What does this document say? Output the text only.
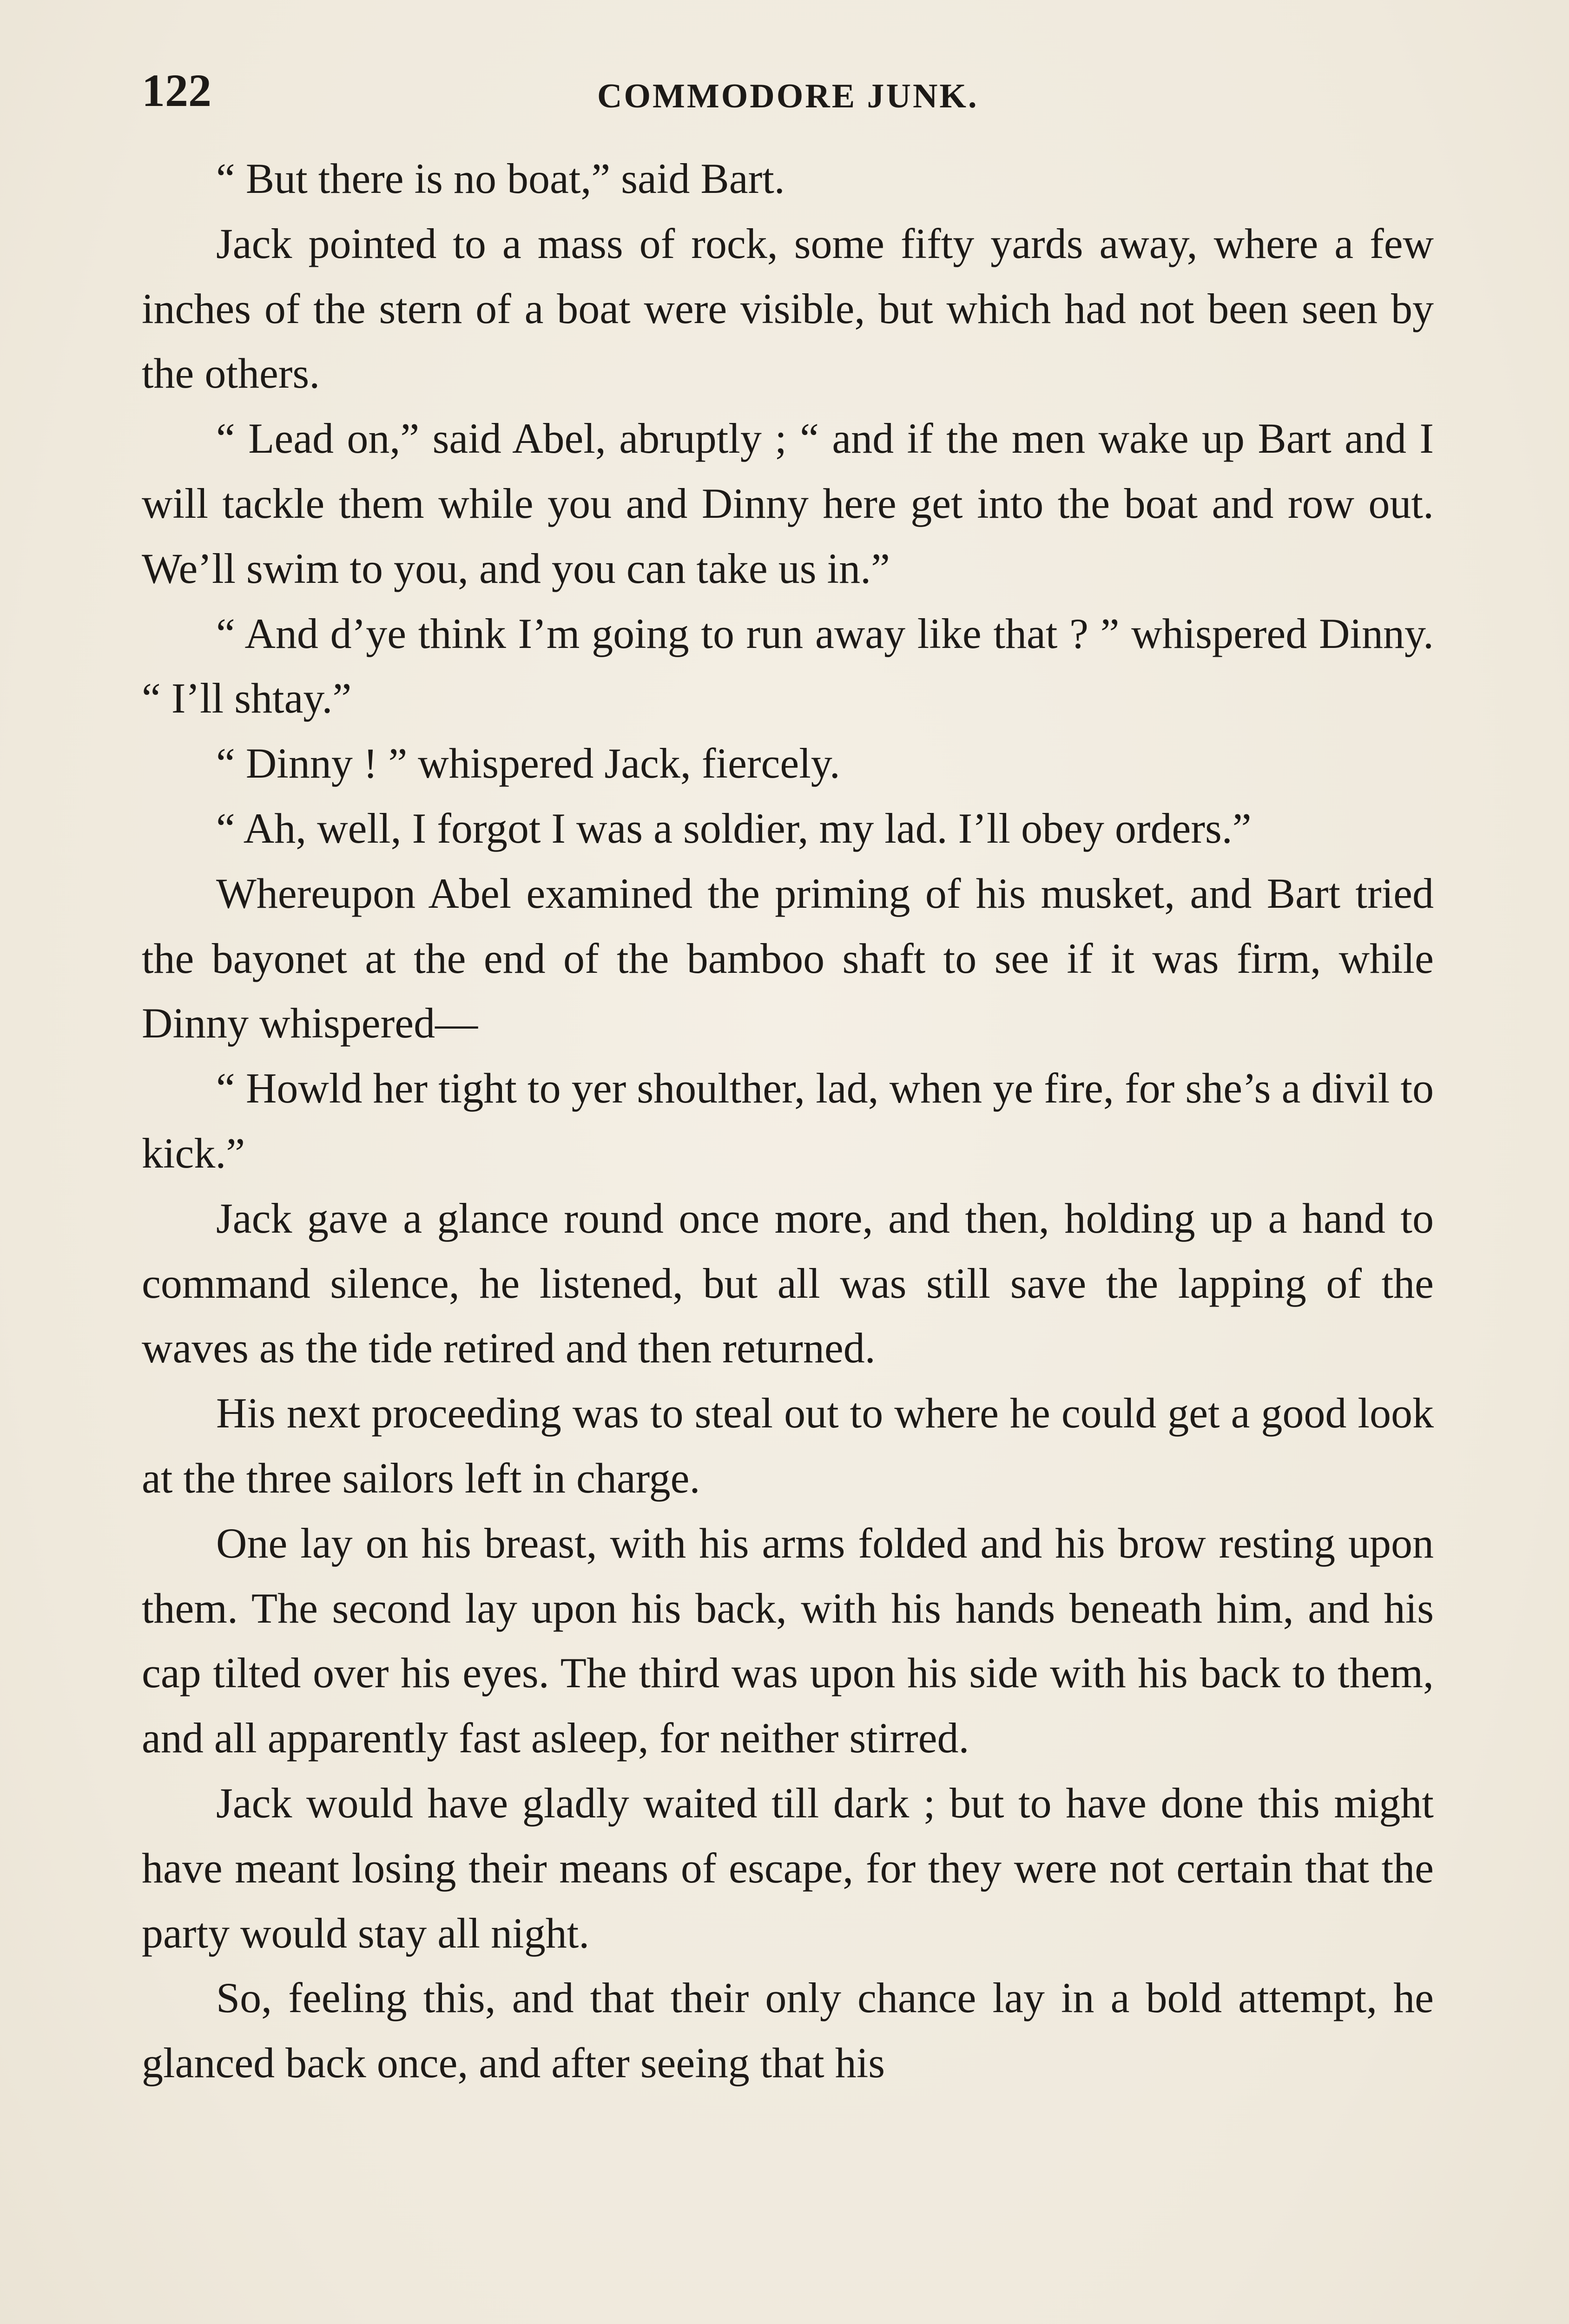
122	COMMODORE JUNK.

“ But there is no boat,” said Bart.

Jack pointed to a mass of rock, some fifty yards away, where a few inches of the stern of a boat were visible, but which had not been seen by the others.

“ Lead on,” said Abel, abruptly ; “ and if the men wake up Bart and I will tackle them while you and Dinny here get into the boat and row out. We’ll swim to you, and you can take us in.”

“ And d’ye think I’m going to run away like that ? ” whispered Dinny. “ I’ll shtay.”

“ Dinny ! ” whispered Jack, fiercely.

“ Ah, well, I forgot I was a soldier, my lad. I’ll obey orders.”

Whereupon Abel examined the priming of his musket, and Bart tried the bayonet at the end of the bamboo shaft to see if it was firm, while Dinny whispered—

“ Howld her tight to yer shoulther, lad, when ye fire, for she’s a divil to kick.”

Jack gave a glance round once more, and then, holding up a hand to command silence, he listened, but all was still save the lapping of the waves as the tide retired and then returned.

His next proceeding was to steal out to where he could get a good look at the three sailors left in charge.

One lay on his breast, with his arms folded and his brow resting upon them. The second lay upon his back, with his hands beneath him, and his cap tilted over his eyes. The third was upon his side with his back to them, and all apparently fast asleep, for neither stirred.

Jack would have gladly waited till dark ; but to have done this might have meant losing their means of escape, for they were not certain that the party would stay all night.

So, feeling this, and that their only chance lay in a bold attempt, he glanced back once, and after seeing that his
